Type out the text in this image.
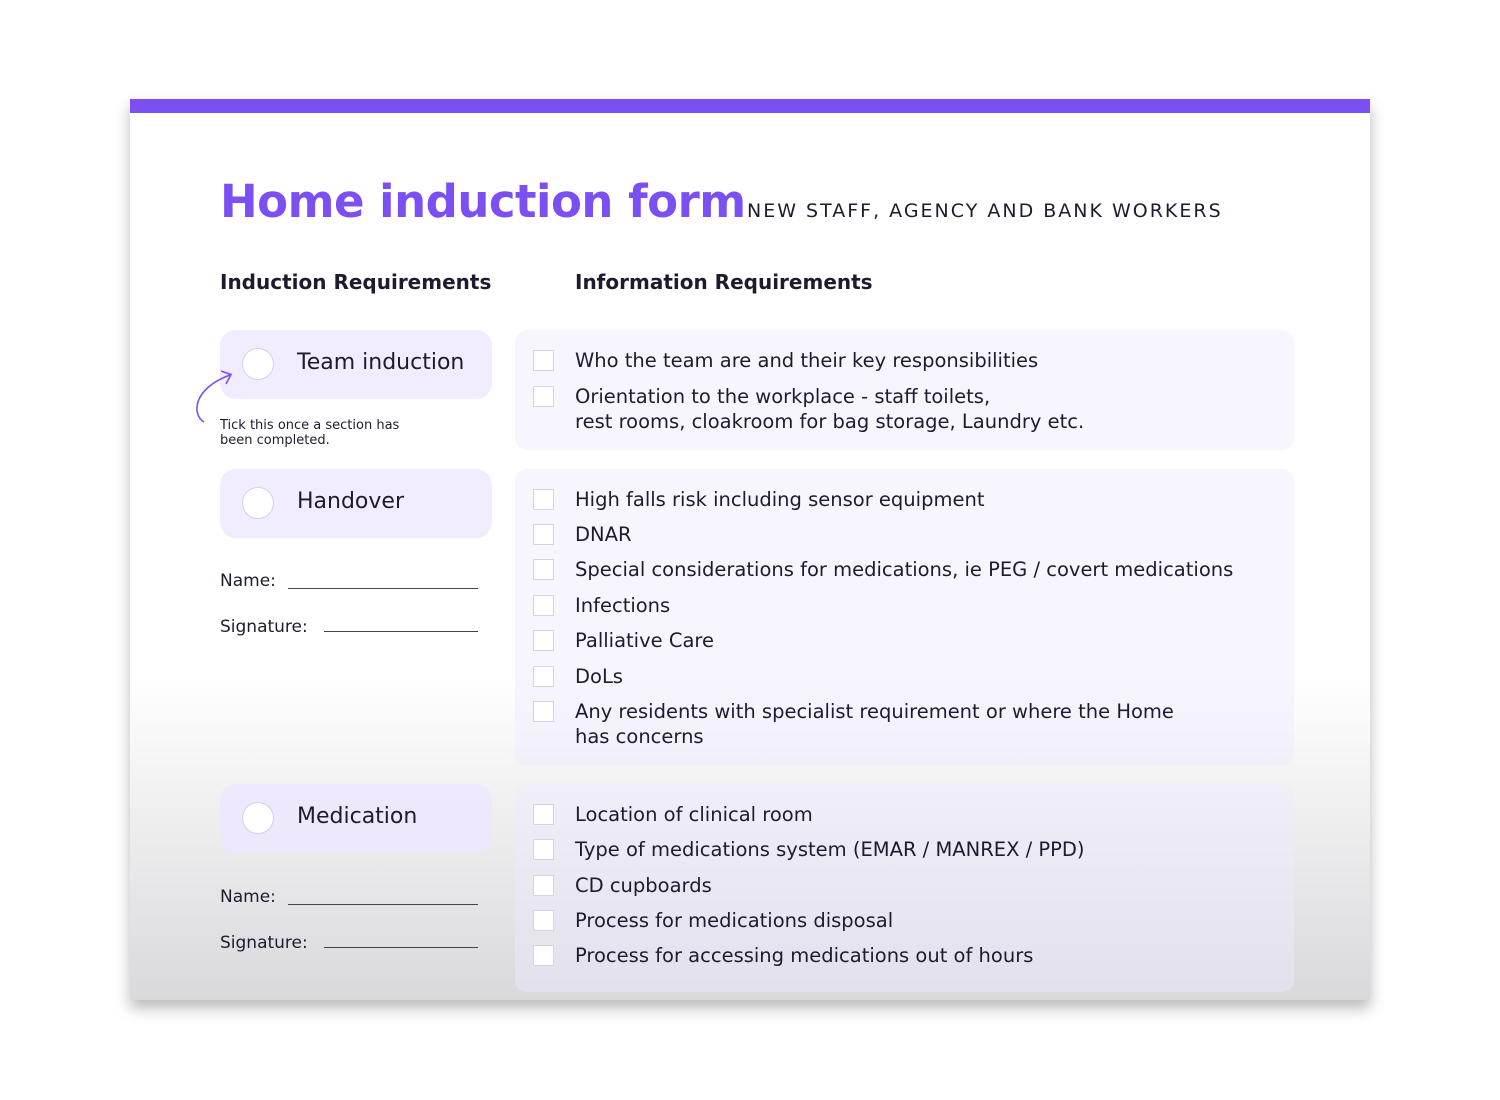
Home induction form NEW STAFF, AGENCY AND BANK WORKERS
Induction Requirements	Information Requirements
Team induction
Tick this once a section has
been completed.
Who the team are and their key responsibilities
Orientation to the workplace - staff toilets,
rest rooms, cloakroom for bag storage, Laundry etc.
Handover
Name:
Signature:
High falls risk including sensor equipment
DNAR
Special considerations for medications, ie PEG / covert medications
Infections
Palliative Care
DoLs
Any residents with specialist requirement or where the Home
has concerns
Medication
Name:
Signature:
Location of clinical room
Type of medications system (EMAR / MANREX / PPD)
CD cupboards
Process for medications disposal
Process for accessing medications out of hours
